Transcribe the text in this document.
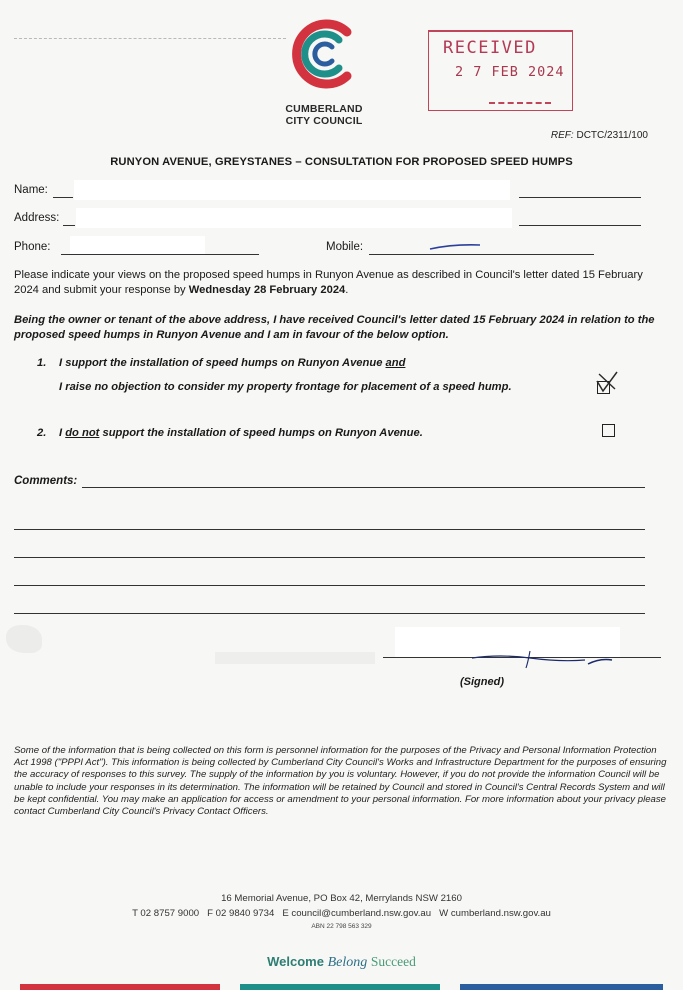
CUMBERLAND
CITY COUNCIL
RECEIVED
2 7 FEB 2024
REF: DCTC/2311/100
RUNYON AVENUE, GREYSTANES – CONSULTATION FOR PROPOSED SPEED HUMPS
Name:
Address:
Phone:	Mobile:
Please indicate your views on the proposed speed humps in Runyon Avenue as described in Council's letter dated 15 February 2024 and submit your response by Wednesday 28 February 2024.
Being the owner or tenant of the above address, I have received Council's letter dated 15 February 2024 in relation to the proposed speed humps in Runyon Avenue and I am in favour of the below option.
1. I support the installation of speed humps on Runyon Avenue and
I raise no objection to consider my property frontage for placement of a speed hump.
2. I do not support the installation of speed humps on Runyon Avenue.
Comments:
(Signed)
Some of the information that is being collected on this form is personnel information for the purposes of the Privacy and Personal Information Protection Act 1998 ("PPPI Act"). This information is being collected by Cumberland City Council's Works and Infrastructure Department for the purposes of ensuring the accuracy of responses to this survey. The supply of the information by you is voluntary. However, if you do not provide the information Council will be unable to include your responses in its determination. The information will be retained by Council and stored in Council's Central Records System and will be kept confidential. You may make an application for access or amendment to your personal information. For more information about your privacy please contact Cumberland City Council's Privacy Contact Officers.
16 Memorial Avenue, PO Box 42, Merrylands NSW 2160
T 02 8757 9000 F 02 9840 9734 E council@cumberland.nsw.gov.au W cumberland.nsw.gov.au
ABN 22 798 563 329
Welcome Belong Succeed
